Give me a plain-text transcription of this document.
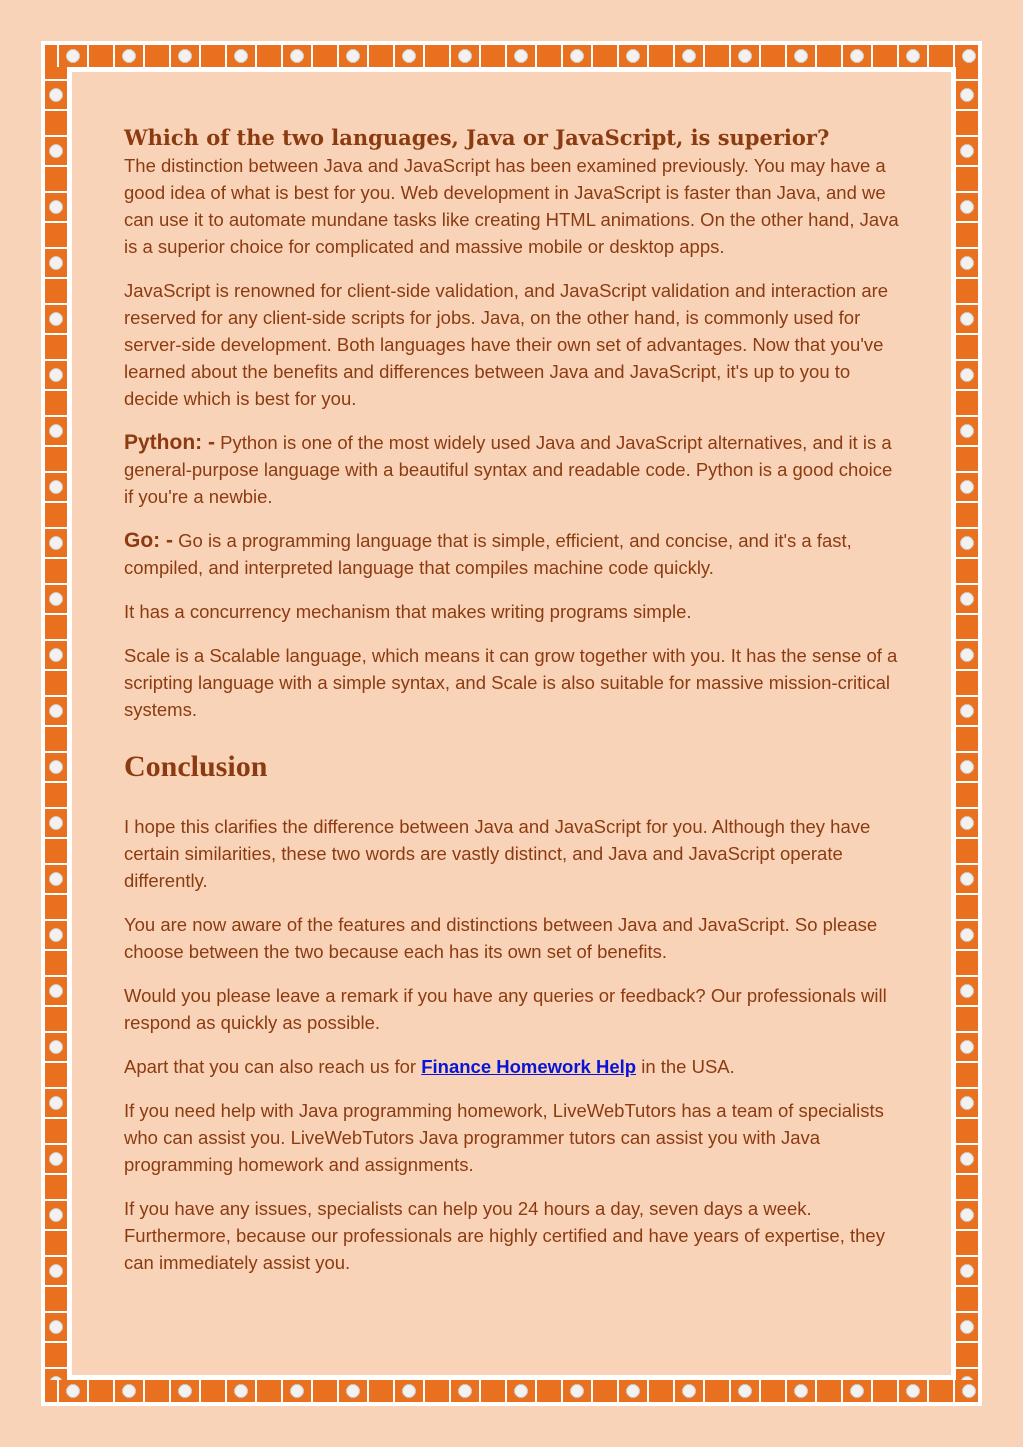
Which of the two languages, Java or JavaScript, is superior?

The distinction between Java and JavaScript has been examined previously. You may have a good idea of what is best for you. Web development in JavaScript is faster than Java, and we can use it to automate mundane tasks like creating HTML animations. On the other hand, Java is a superior choice for complicated and massive mobile or desktop apps.

JavaScript is renowned for client-side validation, and JavaScript validation and interaction are reserved for any client-side scripts for jobs. Java, on the other hand, is commonly used for server-side development. Both languages have their own set of advantages. Now that you've learned about the benefits and differences between Java and JavaScript, it's up to you to decide which is best for you.

Python: - Python is one of the most widely used Java and JavaScript alternatives, and it is a general-purpose language with a beautiful syntax and readable code. Python is a good choice if you're a newbie.

Go: - Go is a programming language that is simple, efficient, and concise, and it's a fast, compiled, and interpreted language that compiles machine code quickly.

It has a concurrency mechanism that makes writing programs simple.

Scale is a Scalable language, which means it can grow together with you. It has the sense of a scripting language with a simple syntax, and Scale is also suitable for massive mission-critical systems.

Conclusion

I hope this clarifies the difference between Java and JavaScript for you. Although they have certain similarities, these two words are vastly distinct, and Java and JavaScript operate differently.

You are now aware of the features and distinctions between Java and JavaScript. So please choose between the two because each has its own set of benefits.

Would you please leave a remark if you have any queries or feedback? Our professionals will respond as quickly as possible.

Apart that you can also reach us for Finance Homework Help in the USA.

If you need help with Java programming homework, LiveWebTutors has a team of specialists who can assist you. LiveWebTutors Java programmer tutors can assist you with Java programming homework and assignments.

If you have any issues, specialists can help you 24 hours a day, seven days a week. Furthermore, because our professionals are highly certified and have years of expertise, they can immediately assist you.
